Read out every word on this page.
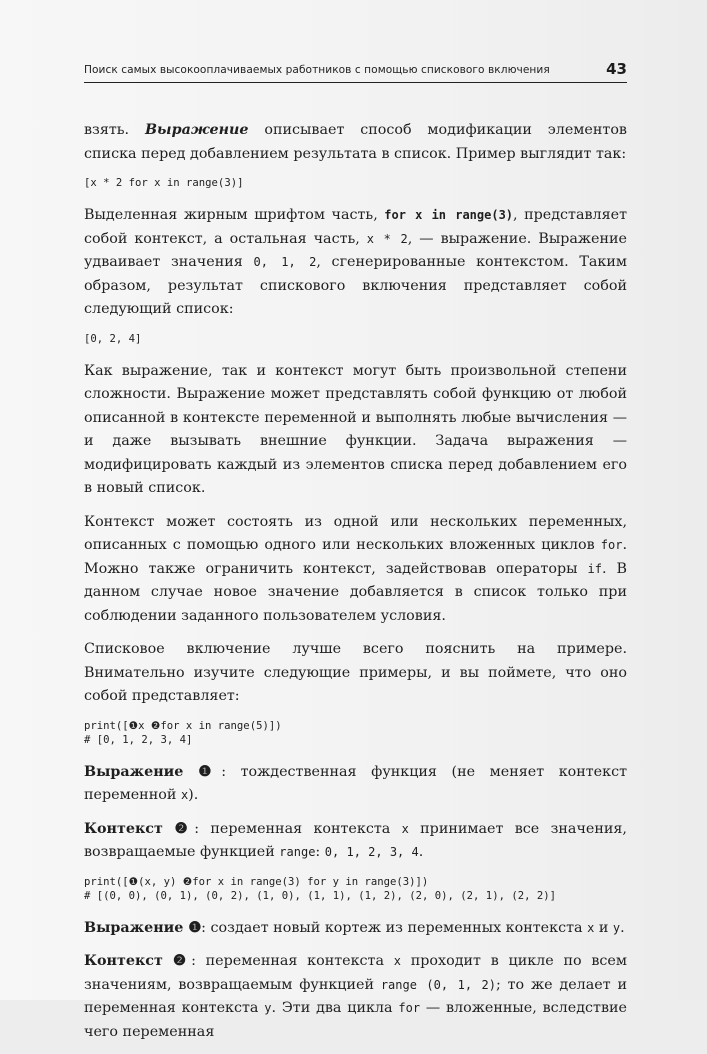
Поиск самых высокооплачиваемых работников с помощью спискового включения	43

взять. Выражение описывает способ модификации элементов списка перед добавлением результата в список. Пример выглядит так:

[x * 2 for x in range(3)]

Выделенная жирным шрифтом часть, for x in range(3), представляет собой контекст, а остальная часть, x * 2, — выражение. Выражение удваивает значения 0, 1, 2, сгенерированные контекстом. Таким образом, результат спискового включения представляет собой следующий список:

[0, 2, 4]

Как выражение, так и контекст могут быть произвольной степени сложности. Выражение может представлять собой функцию от любой описанной в контексте переменной и выполнять любые вычисления — и даже вызывать внешние функции. Задача выражения — модифицировать каждый из элементов списка перед добавлением его в новый список.

Контекст может состоять из одной или нескольких переменных, описанных с помощью одного или нескольких вложенных циклов for. Можно также ограничить контекст, задействовав операторы if. В данном случае новое значение добавляется в список только при соблюдении заданного пользователем условия.

Списковое включение лучше всего пояснить на примере. Внимательно изучите следующие примеры, и вы поймете, что оно собой представляет:

print([❶x ❷for x in range(5)])
# [0, 1, 2, 3, 4]

Выражение ❶: тождественная функция (не меняет контекст переменной x).

Контекст ❷: переменная контекста x принимает все значения, возвращаемые функцией range: 0, 1, 2, 3, 4.

print([❶(x, y) ❷for x in range(3) for y in range(3)])
# [(0, 0), (0, 1), (0, 2), (1, 0), (1, 1), (1, 2), (2, 0), (2, 1), (2, 2)]

Выражение ❶: создает новый кортеж из переменных контекста x и y.

Контекст ❷: переменная контекста x проходит в цикле по всем значениям, возвращаемым функцией range (0, 1, 2); то же делает и переменная контекста y. Эти два цикла for — вложенные, вследствие чего переменная
